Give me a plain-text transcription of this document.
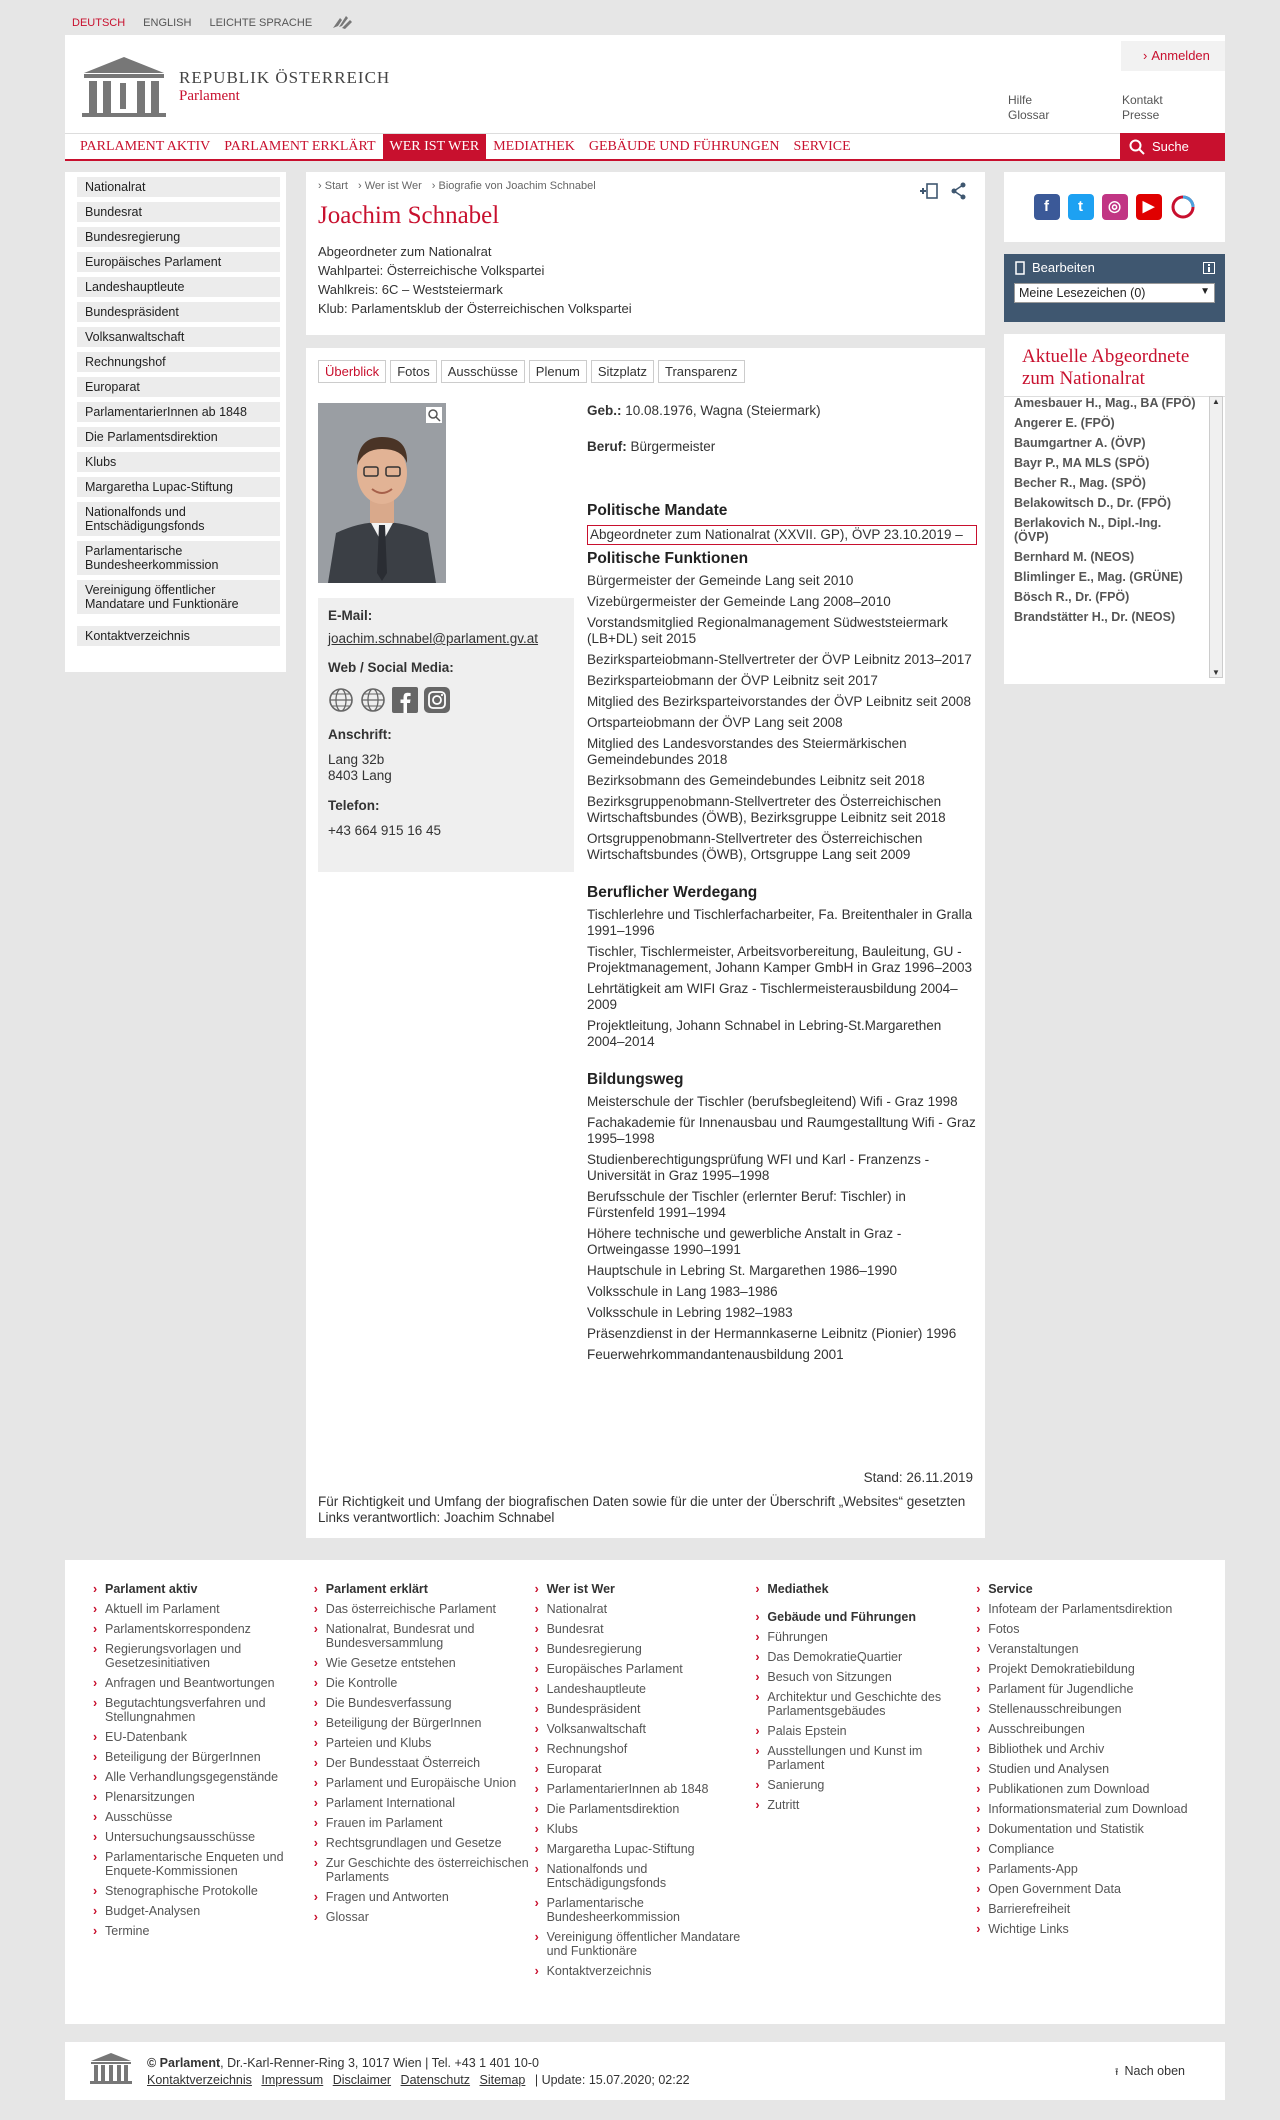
DEUTSCH ENGLISH LEICHTE SPRACHE
REPUBLIK ÖSTERREICH
Parlament
› Anmelden
Hilfe
Glossar
Kontakt
Presse
PARLAMENT AKTIV	PARLAMENT ERKLÄRT	WER IST WER	MEDIATHEK	GEBÄUDE UND FÜHRUNGEN	SERVICE	Suche
Nationalrat
Bundesrat
Bundesregierung
Europäisches Parlament
Landeshauptleute
Bundespräsident
Volksanwaltschaft
Rechnungshof
Europarat
ParlamentarierInnen ab 1848
Die Parlamentsdirektion
Klubs
Margaretha Lupac-Stiftung
Nationalfonds und Entschädigungsfonds
Parlamentarische Bundesheerkommission
Vereinigung öffentlicher Mandatare und Funktionäre
Kontaktverzeichnis
› Start › Wer ist Wer › Biografie von Joachim Schnabel
Joachim Schnabel
Abgeordneter zum Nationalrat
Wahlpartei: Österreichische Volkspartei
Wahlkreis: 6C – Weststeiermark
Klub: Parlamentsklub der Österreichischen Volkspartei
Überblick	Fotos	Ausschüsse	Plenum	Sitzplatz	Transparenz
E-Mail:
joachim.schnabel@parlament.gv.at
Web / Social Media:
Anschrift:
Lang 32b
8403 Lang
Telefon:
+43 664 915 16 45
Geb.: 10.08.1976, Wagna (Steiermark)
Beruf: Bürgermeister
Politische Mandate
Abgeordneter zum Nationalrat (XXVII. GP), ÖVP 23.10.2019 –
Politische Funktionen
Bürgermeister der Gemeinde Lang seit 2010
Vizebürgermeister der Gemeinde Lang 2008–2010
Vorstandsmitglied Regionalmanagement Südweststeiermark (LB+DL) seit 2015
Bezirksparteiobmann-Stellvertreter der ÖVP Leibnitz 2013–2017
Bezirksparteiobmann der ÖVP Leibnitz seit 2017
Mitglied des Bezirksparteivorstandes der ÖVP Leibnitz seit 2008
Ortsparteiobmann der ÖVP Lang seit 2008
Mitglied des Landesvorstandes des Steiermärkischen Gemeindebundes 2018
Bezirksobmann des Gemeindebundes Leibnitz seit 2018
Bezirksgruppenobmann-Stellvertreter des Österreichischen Wirtschaftsbundes (ÖWB), Bezirksgruppe Leibnitz seit 2018
Ortsgruppenobmann-Stellvertreter des Österreichischen Wirtschaftsbundes (ÖWB), Ortsgruppe Lang seit 2009
Beruflicher Werdegang
Tischlerlehre und Tischlerfacharbeiter, Fa. Breitenthaler in Gralla 1991–1996
Tischler, Tischlermeister, Arbeitsvorbereitung, Bauleitung, GU - Projektmanagement, Johann Kamper GmbH in Graz 1996–2003
Lehrtätigkeit am WIFI Graz - Tischlermeisterausbildung 2004–2009
Projektleitung, Johann Schnabel in Lebring-St.Margarethen 2004–2014
Bildungsweg
Meisterschule der Tischler (berufsbegleitend) Wifi - Graz 1998
Fachakademie für Innenausbau und Raumgestalltung Wifi - Graz 1995–1998
Studienberechtigungsprüfung WFI und Karl - Franzenzs - Universität in Graz 1995–1998
Berufsschule der Tischler (erlernter Beruf: Tischler) in Fürstenfeld 1991–1994
Höhere technische und gewerbliche Anstalt in Graz - Ortweingasse 1990–1991
Hauptschule in Lebring St. Margarethen 1986–1990
Volksschule in Lang 1983–1986
Volksschule in Lebring 1982–1983
Präsenzdienst in der Hermannkaserne Leibnitz (Pionier) 1996
Feuerwehrkommandantenausbildung 2001
Stand: 26.11.2019
Für Richtigkeit und Umfang der biografischen Daten sowie für die unter der Überschrift „Websites“ gesetzten Links verantwortlich: Joachim Schnabel
f	t	◎	▶
Bearbeiten
Meine Lesezeichen (0)	▼
Aktuelle Abgeordnete zum Nationalrat
Amesbauer H., Mag., BA (FPÖ)
Angerer E. (FPÖ)
Baumgartner A. (ÖVP)
Bayr P., MA MLS (SPÖ)
Becher R., Mag. (SPÖ)
Belakowitsch D., Dr. (FPÖ)
Berlakovich N., Dipl.-Ing. (ÖVP)
Bernhard M. (NEOS)
Blimlinger E., Mag. (GRÜNE)
Bösch R., Dr. (FPÖ)
Brandstätter H., Dr. (NEOS)
▲
▼
› Parlament aktiv
› Aktuell im Parlament
› Parlamentskorrespondenz
› Regierungsvorlagen und Gesetzesinitiativen
› Anfragen und Beantwortungen
› Begutachtungsverfahren und Stellungnahmen
› EU-Datenbank
› Beteiligung der BürgerInnen
› Alle Verhandlungsgegenstände
› Plenarsitzungen
› Ausschüsse
› Untersuchungsausschüsse
› Parlamentarische Enqueten und Enquete-Kommissionen
› Stenographische Protokolle
› Budget-Analysen
› Termine
› Parlament erklärt
› Das österreichische Parlament
› Nationalrat, Bundesrat und Bundesversammlung
› Wie Gesetze entstehen
› Die Kontrolle
› Die Bundesverfassung
› Beteiligung der BürgerInnen
› Parteien und Klubs
› Der Bundesstaat Österreich
› Parlament und Europäische Union
› Parlament International
› Frauen im Parlament
› Rechtsgrundlagen und Gesetze
› Zur Geschichte des österreichischen Parlaments
› Fragen und Antworten
› Glossar
› Wer ist Wer
› Nationalrat
› Bundesrat
› Bundesregierung
› Europäisches Parlament
› Landeshauptleute
› Bundespräsident
› Volksanwaltschaft
› Rechnungshof
› Europarat
› ParlamentarierInnen ab 1848
› Die Parlamentsdirektion
› Klubs
› Margaretha Lupac-Stiftung
› Nationalfonds und Entschädigungsfonds
› Parlamentarische Bundesheerkommission
› Vereinigung öffentlicher Mandatare und Funktionäre
› Kontaktverzeichnis
› Mediathek
› Gebäude und Führungen
› Führungen
› Das DemokratieQuartier
› Besuch von Sitzungen
› Architektur und Geschichte des Parlamentsgebäudes
› Palais Epstein
› Ausstellungen und Kunst im Parlament
› Sanierung
› Zutritt
› Service
› Infoteam der Parlamentsdirektion
› Fotos
› Veranstaltungen
› Projekt Demokratiebildung
› Parlament für Jugendliche
› Stellenausschreibungen
› Ausschreibungen
› Bibliothek und Archiv
› Studien und Analysen
› Publikationen zum Download
› Informationsmaterial zum Download
› Dokumentation und Statistik
› Compliance
› Parlaments-App
› Open Government Data
› Barrierefreiheit
› Wichtige Links
© Parlament, Dr.-Karl-Renner-Ring 3, 1017 Wien | Tel. +43 1 401 10-0
Kontaktverzeichnis Impressum Disclaimer Datenschutz Sitemap | Update: 15.07.2020; 02:22
⭱ Nach oben
